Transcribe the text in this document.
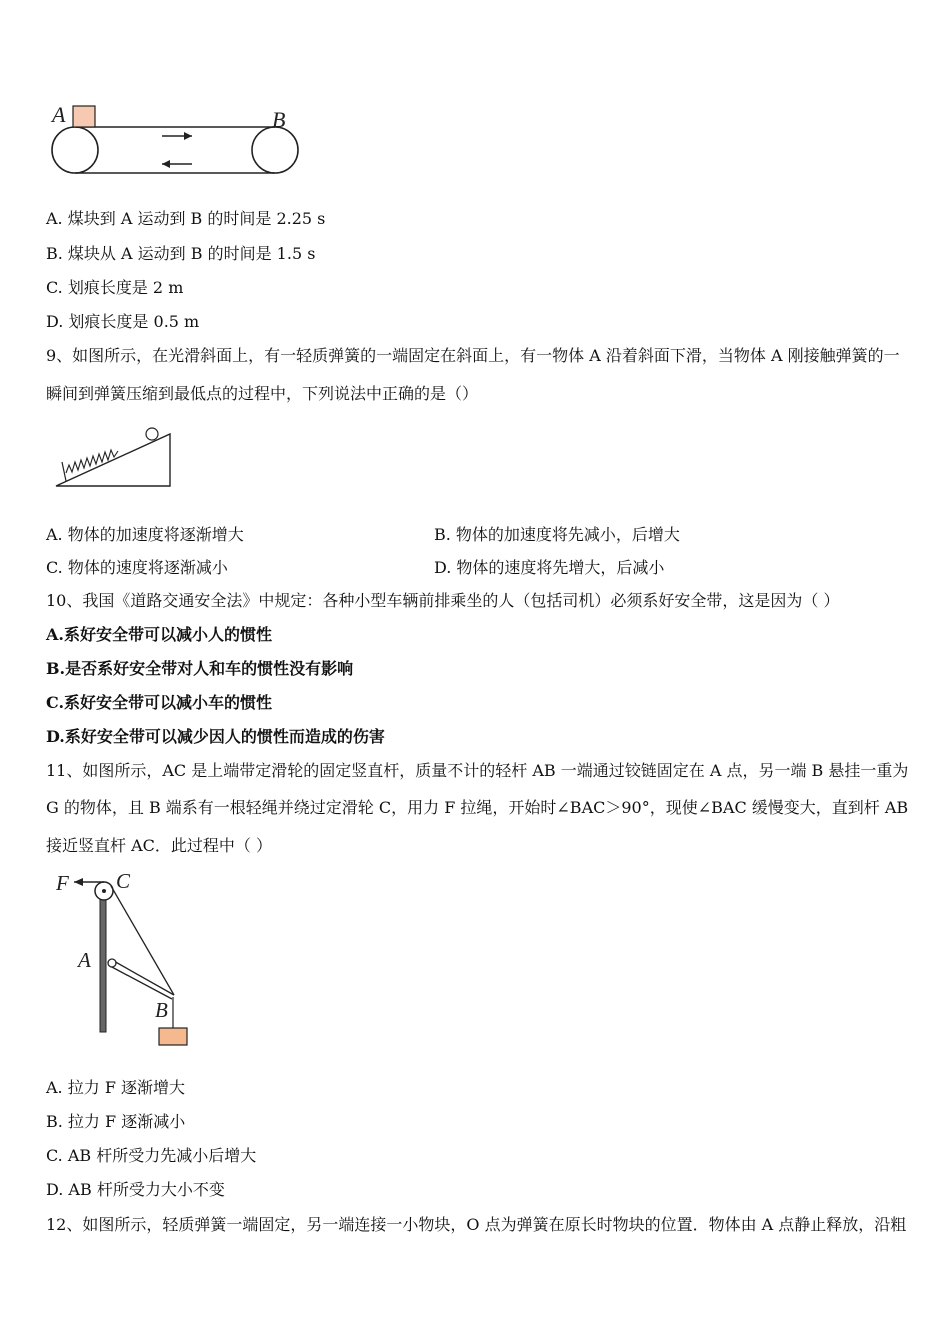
A	B
A. 煤块到 A 运动到 B 的时间是 2.25 s
B. 煤块从 A 运动到 B 的时间是 1.5 s
C. 划痕长度是 2 m
D. 划痕长度是 0.5 m
9、如图所示，在光滑斜面上，有一轻质弹簧的一端固定在斜面上，有一物体 A 沿着斜面下滑，当物体 A 刚接触弹簧的一
瞬间到弹簧压缩到最低点的过程中，下列说法中正确的是（）
A. 物体的加速度将逐渐增大	B. 物体的加速度将先减小，后增大
C. 物体的速度将逐渐减小	D. 物体的速度将先增大，后减小
10、我国《道路交通安全法》中规定：各种小型车辆前排乘坐的人（包括司机）必须系好安全带，这是因为（ ）
A.系好安全带可以减小人的惯性
B.是否系好安全带对人和车的惯性没有影响
C.系好安全带可以减小车的惯性
D.系好安全带可以减少因人的惯性而造成的伤害
11、如图所示，AC 是上端带定滑轮的固定竖直杆，质量不计的轻杆 AB 一端通过铰链固定在 A 点，另一端 B 悬挂一重为
G 的物体，且 B 端系有一根轻绳并绕过定滑轮 C，用力 F 拉绳，开始时∠BAC＞90°，现使∠BAC 缓慢变大，直到杆 AB
接近竖直杆 AC．此过程中（ ）
F C
A
B
A. 拉力 F 逐渐增大
B. 拉力 F 逐渐减小
C. AB 杆所受力先减小后增大
D. AB 杆所受力大小不变
12、如图所示，轻质弹簧一端固定，另一端连接一小物块，O 点为弹簧在原长时物块的位置．物体由 A 点静止释放，沿粗
